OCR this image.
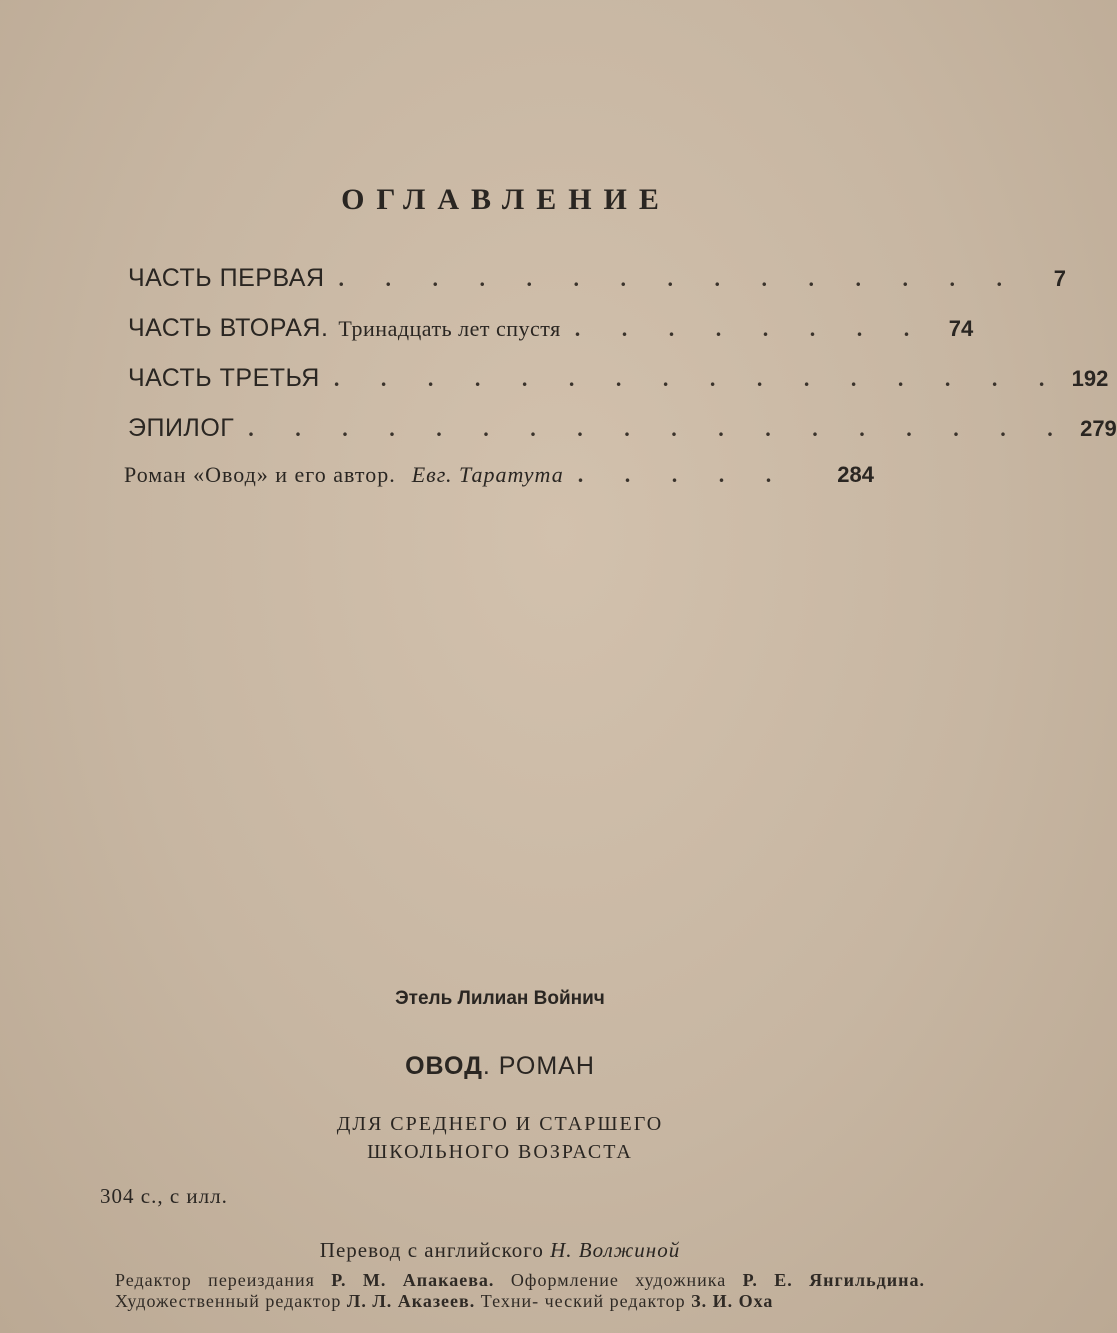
ОГЛАВЛЕНИЕ
ЧАСТЬ ПЕРВАЯ . . . . . . . . . . . . . . .	7
ЧАСТЬ ВТОРАЯ. Тринадцать лет спустя . . . . . . . . 74
ЧАСТЬ ТРЕТЬЯ . . . . . . . . . . . . . . . . 192
ЭПИЛОГ . . . . . . . . . . . . . . . . . . 279
Роман «Овод» и его автор. Евг. Таратута . . . . .	284
Этель Лилиан Войнич
ОВОД. РОМАН
ДЛЯ СРЕДНЕГО И СТАРШЕГО
ШКОЛЬНОГО ВОЗРАСТА
304 с., с илл.
Перевод с английского Н. Волжиной
Редактор переиздания Р. М. Апакаева. Оформление художника Р. Е. Янгильдина. Художественный редактор Л. Л. Аказеев. Техни- ческий редактор З. И. Оха
